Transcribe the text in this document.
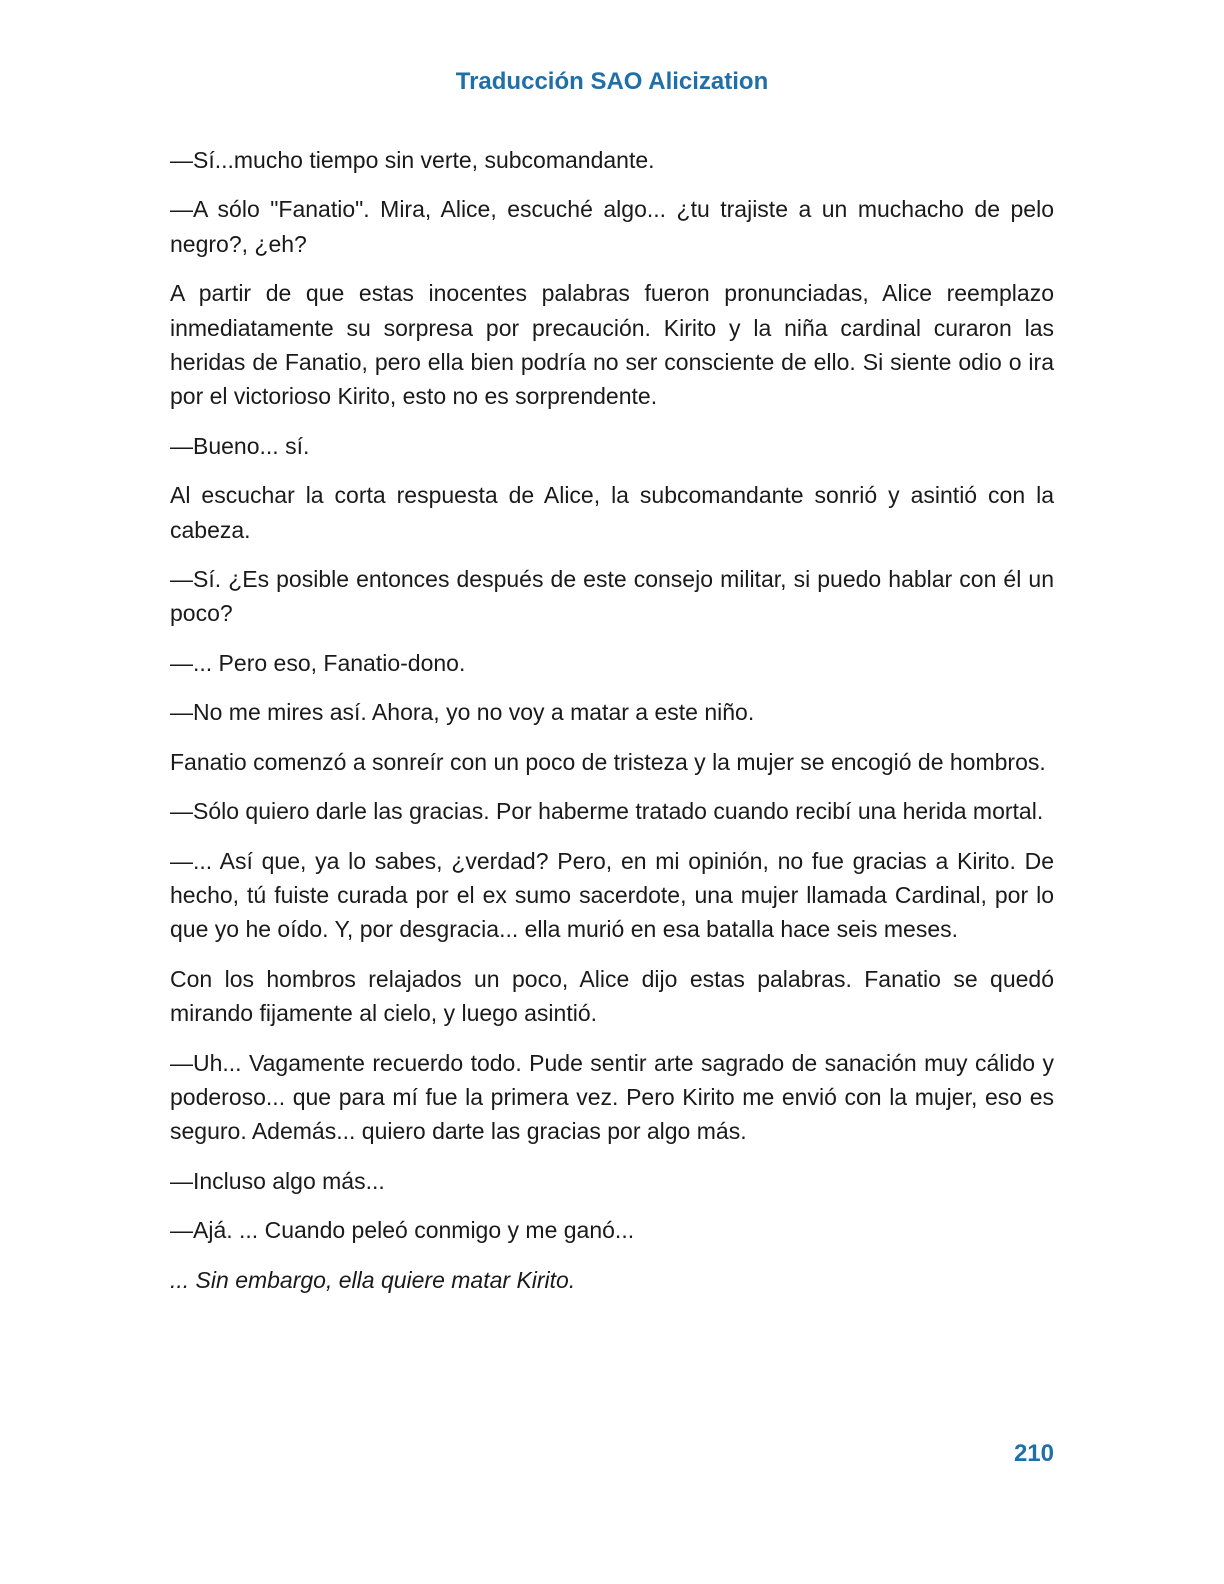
Traducción SAO Alicization

—Sí...mucho tiempo sin verte, subcomandante.

—A sólo "Fanatio". Mira, Alice, escuché algo... ¿tu trajiste a un muchacho de pelo negro?, ¿eh?

A partir de que estas inocentes palabras fueron pronunciadas, Alice reemplazo inmediatamente su sorpresa por precaución. Kirito y la niña cardinal curaron las heridas de Fanatio, pero ella bien podría no ser consciente de ello. Si siente odio o ira por el victorioso Kirito, esto no es sorprendente.

—Bueno... sí.

Al escuchar la corta respuesta de Alice, la subcomandante sonrió y asintió con la cabeza.

—Sí. ¿Es posible entonces después de este consejo militar, si puedo hablar con él un poco?

—... Pero eso, Fanatio-dono.

—No me mires así. Ahora, yo no voy a matar a este niño.

Fanatio comenzó a sonreír con un poco de tristeza y la mujer se encogió de hombros.

—Sólo quiero darle las gracias. Por haberme tratado cuando recibí una herida mortal.

—... Así que, ya lo sabes, ¿verdad? Pero, en mi opinión, no fue gracias a Kirito. De hecho, tú fuiste curada por el ex sumo sacerdote, una mujer llamada Cardinal, por lo que yo he oído. Y, por desgracia... ella murió en esa batalla hace seis meses.

Con los hombros relajados un poco, Alice dijo estas palabras. Fanatio se quedó mirando fijamente al cielo, y luego asintió.

—Uh... Vagamente recuerdo todo. Pude sentir arte sagrado de sanación muy cálido y poderoso... que para mí fue la primera vez. Pero Kirito me envió con la mujer, eso es seguro. Además... quiero darte las gracias por algo más.

—Incluso algo más...

—Ajá. ... Cuando peleó conmigo y me ganó...

... Sin embargo, ella quiere matar Kirito.

210
